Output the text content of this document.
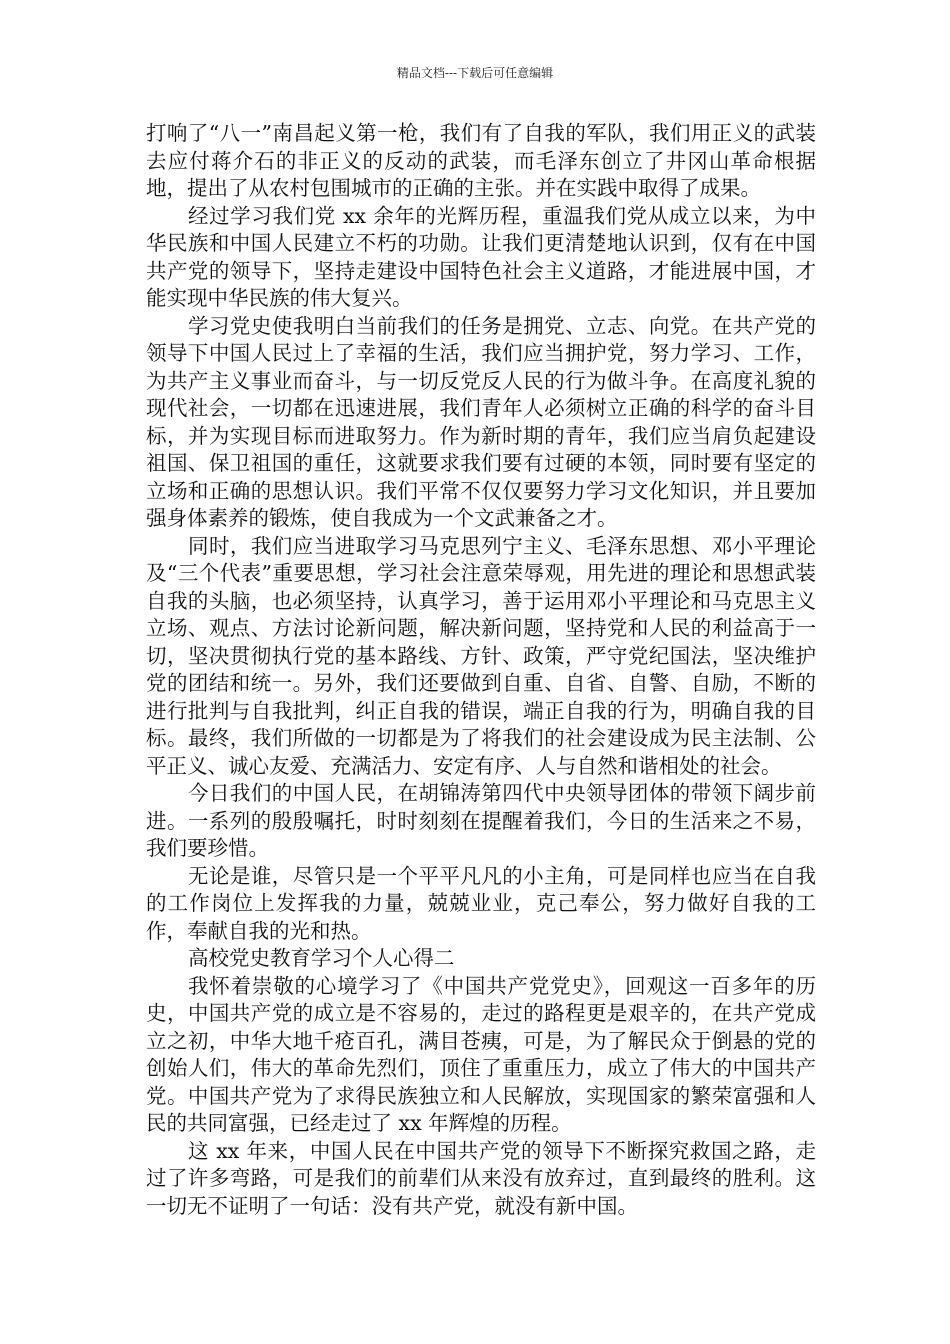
精品文档---下载后可任意编辑

打响了“八一”南昌起义第一枪，我们有了自我的军队，我们用正义的武装去应付蒋介石的非正义的反动的武装，而毛泽东创立了井冈山革命根据地，提出了从农村包围城市的正确的主张。并在实践中取得了成果。

经过学习我们党 xx 余年的光辉历程，重温我们党从成立以来，为中华民族和中国人民建立不朽的功勋。让我们更清楚地认识到，仅有在中国共产党的领导下，坚持走建设中国特色社会主义道路，才能进展中国，才能实现中华民族的伟大复兴。

学习党史使我明白当前我们的任务是拥党、立志、向党。在共产党的领导下中国人民过上了幸福的生活，我们应当拥护党，努力学习、工作，为共产主义事业而奋斗，与一切反党反人民的行为做斗争。在高度礼貌的现代社会，一切都在迅速进展，我们青年人必须树立正确的科学的奋斗目标，并为实现目标而进取努力。作为新时期的青年，我们应当肩负起建设祖国、保卫祖国的重任，这就要求我们要有过硬的本领，同时要有坚定的立场和正确的思想认识。我们平常不仅仅要努力学习文化知识，并且要加强身体素养的锻炼，使自我成为一个文武兼备之才。

同时，我们应当进取学习马克思列宁主义、毛泽东思想、邓小平理论及“三个代表”重要思想，学习社会注意荣辱观，用先进的理论和思想武装自我的头脑，也必须坚持，认真学习，善于运用邓小平理论和马克思主义立场、观点、方法讨论新问题，解决新问题，坚持党和人民的利益高于一切，坚决贯彻执行党的基本路线、方针、政策，严守党纪国法，坚决维护党的团结和统一。另外，我们还要做到自重、自省、自警、自励，不断的进行批判与自我批判，纠正自我的错误，端正自我的行为，明确自我的目标。最终，我们所做的一切都是为了将我们的社会建设成为民主法制、公平正义、诚心友爱、充满活力、安定有序、人与自然和谐相处的社会。

今日我们的中国人民，在胡锦涛第四代中央领导团体的带领下阔步前进。一系列的殷殷嘱托，时时刻刻在提醒着我们，今日的生活来之不易，我们要珍惜。

无论是谁，尽管只是一个平平凡凡的小主角，可是同样也应当在自我的工作岗位上发挥我的力量，兢兢业业，克己奉公，努力做好自我的工作，奉献自我的光和热。

高校党史教育学习个人心得二

我怀着崇敬的心境学习了《中国共产党党史》，回观这一百多年的历史，中国共产党的成立是不容易的，走过的路程更是艰辛的，在共产党成立之初，中华大地千疮百孔，满目苍痍，可是，为了解民众于倒悬的党的创始人们，伟大的革命先烈们，顶住了重重压力，成立了伟大的中国共产党。中国共产党为了求得民族独立和人民解放，实现国家的繁荣富强和人民的共同富强，已经走过了 xx 年辉煌的历程。

这 xx 年来，中国人民在中国共产党的领导下不断探究救国之路，走过了许多弯路，可是我们的前辈们从来没有放弃过，直到最终的胜利。这一切无不证明了一句话：没有共产党，就没有新中国。
